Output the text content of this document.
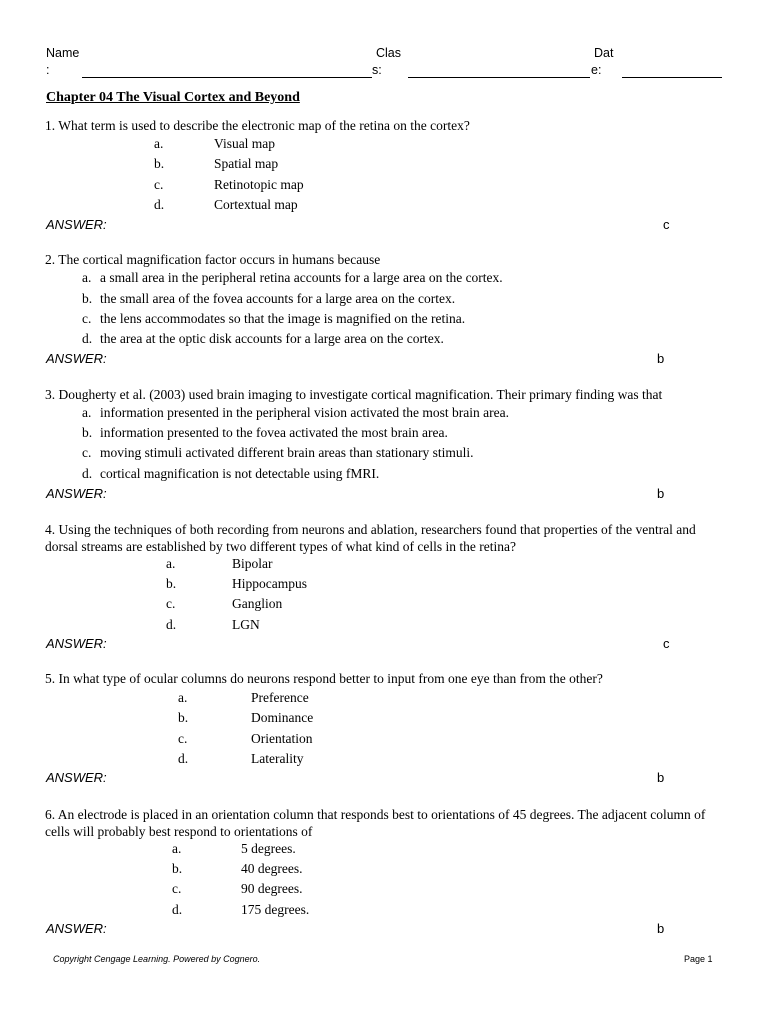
Name
:
Clas
s:
Dat
e:
Chapter 04 The Visual Cortex and Beyond
1. What term is used to describe the electronic map of the retina on the cortex?
a.	Visual map
b.	Spatial map
c.	Retinotopic map
d.	Cortextual map
ANSWER:	c
2. The cortical magnification factor occurs in humans because
a. a small area in the peripheral retina accounts for a large area on the cortex.
b. the small area of the fovea accounts for a large area on the cortex.
c. the lens accommodates so that the image is magnified on the retina.
d. the area at the optic disk accounts for a large area on the cortex.
ANSWER:	b
3. Dougherty et al. (2003) used brain imaging to investigate cortical magnification. Their primary finding was that
a. information presented in the peripheral vision activated the most brain area.
b. information presented to the fovea activated the most brain area.
c. moving stimuli activated different brain areas than stationary stimuli.
d. cortical magnification is not detectable using fMRI.
ANSWER:	b
4. Using the techniques of both recording from neurons and ablation, researchers found that properties of the ventral and dorsal streams are established by two different types of what kind of cells in the retina?
a.	Bipolar
b.	Hippocampus
c.	Ganglion
d.	LGN
ANSWER:	c
5. In what type of ocular columns do neurons respond better to input from one eye than from the other?
a.	Preference
b.	Dominance
c.	Orientation
d.	Laterality
ANSWER:	b
6. An electrode is placed in an orientation column that responds best to orientations of 45 degrees. The adjacent column of cells will probably best respond to orientations of
a.	5 degrees.
b.	40 degrees.
c.	90 degrees.
d.	175 degrees.
ANSWER:	b
Copyright Cengage Learning. Powered by Cognero.	Page 1
